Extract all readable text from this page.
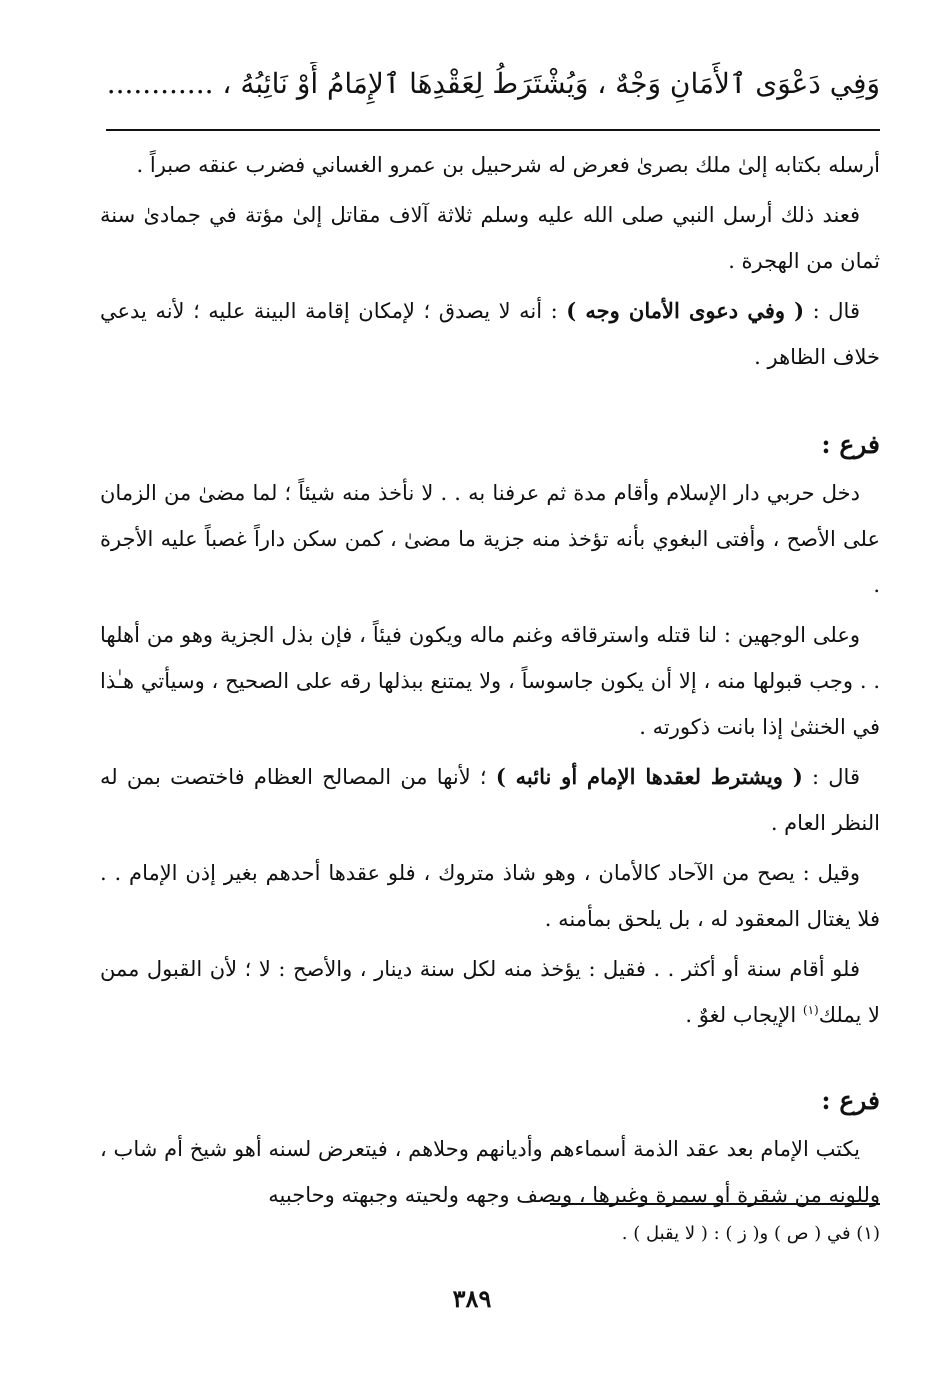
وَفِي دَعْوَى ٱلأَمَانِ وَجْهٌ ، وَيُشْتَرَطُ لِعَقْدِهَا ٱلإِمَامُ أَوْ نَائِبُهُ ، ............

أرسله بكتابه إلىٰ ملك بصرىٰ فعرض له شرحبيل بن عمرو الغساني فضرب عنقه صبراً .

فعند ذلك أرسل النبي صلى الله عليه وسلم ثلاثة آلاف مقاتل إلىٰ مؤتة في جمادىٰ سنة ثمان من الهجرة .

قال : ( وفي دعوى الأمان وجه ) : أنه لا يصدق ؛ لإمكان إقامة البينة عليه ؛ لأنه يدعي خلاف الظاهر .

فرع :

دخل حربي دار الإسلام وأقام مدة ثم عرفنا به . . لا نأخذ منه شيئاً ؛ لما مضىٰ من الزمان على الأصح ، وأفتى البغوي بأنه تؤخذ منه جزية ما مضىٰ ، كمن سكن داراً غصباً عليه الأجرة .

وعلى الوجهين : لنا قتله واسترقاقه وغنم ماله ويكون فيئاً ، فإن بذل الجزية وهو من أهلها . . وجب قبولها منه ، إلا أن يكون جاسوساً ، ولا يمتنع ببذلها رقه على الصحيح ، وسيأتي هـٰذا في الخنثىٰ إذا بانت ذكورته .

قال : ( ويشترط لعقدها الإمام أو نائبه ) ؛ لأنها من المصالح العظام فاختصت بمن له النظر العام .

وقيل : يصح من الآحاد كالأمان ، وهو شاذ متروك ، فلو عقدها أحدهم بغير إذن الإمام . . فلا يغتال المعقود له ، بل يلحق بمأمنه .

فلو أقام سنة أو أكثر . . فقيل : يؤخذ منه لكل سنة دينار ، والأصح : لا ؛ لأن القبول ممن لا يملك$^{(١)}$ الإيجاب لغوٌ .

فرع :

يكتب الإمام بعد عقد الذمة أسماءهم وأديانهم وحلاهم ، فيتعرض لسنه أهو شيخ أم شاب ، وللونه من شقرة أو سمرة وغيرها ، ويصف وجهه ولحيته وجبهته وحاجبيه

(١) في ( ص ) و( ز ) : ( لا يقبل ) .
٣٨٩
